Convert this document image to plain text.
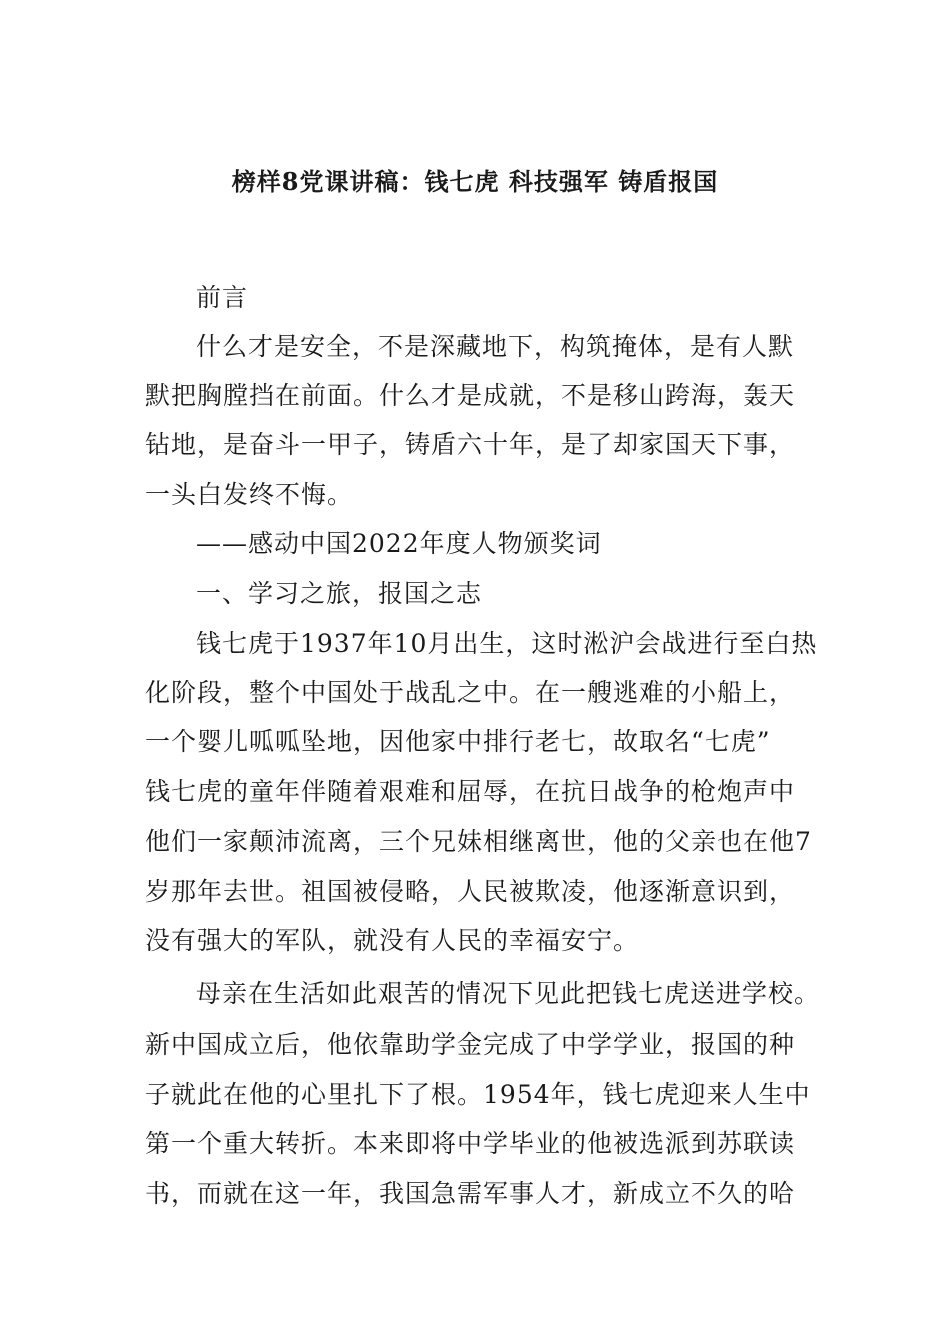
榜样8党课讲稿：钱七虎 科技强军 铸盾报国
前言
什么才是安全，不是深藏地下，构筑掩体，是有人默
默把胸膛挡在前面。什么才是成就，不是移山跨海，轰天
钻地，是奋斗一甲子，铸盾六十年，是了却家国天下事，
一头白发终不悔。
——感动中国2022年度人物颁奖词
一、学习之旅，报国之志
钱七虎于1937年10月出生，这时淞沪会战进行至白热
化阶段，整个中国处于战乱之中。在一艘逃难的小船上，
一个婴儿呱呱坠地，因他家中排行老七，故取名“七虎”
钱七虎的童年伴随着艰难和屈辱，在抗日战争的枪炮声中
他们一家颠沛流离，三个兄妹相继离世，他的父亲也在他7
岁那年去世。祖国被侵略，人民被欺凌，他逐渐意识到，
没有强大的军队，就没有人民的幸福安宁。
母亲在生活如此艰苦的情况下见此把钱七虎送进学校。
新中国成立后，他依靠助学金完成了中学学业，报国的种
子就此在他的心里扎下了根。1954年，钱七虎迎来人生中
第一个重大转折。本来即将中学毕业的他被选派到苏联读
书，而就在这一年，我国急需军事人才，新成立不久的哈
